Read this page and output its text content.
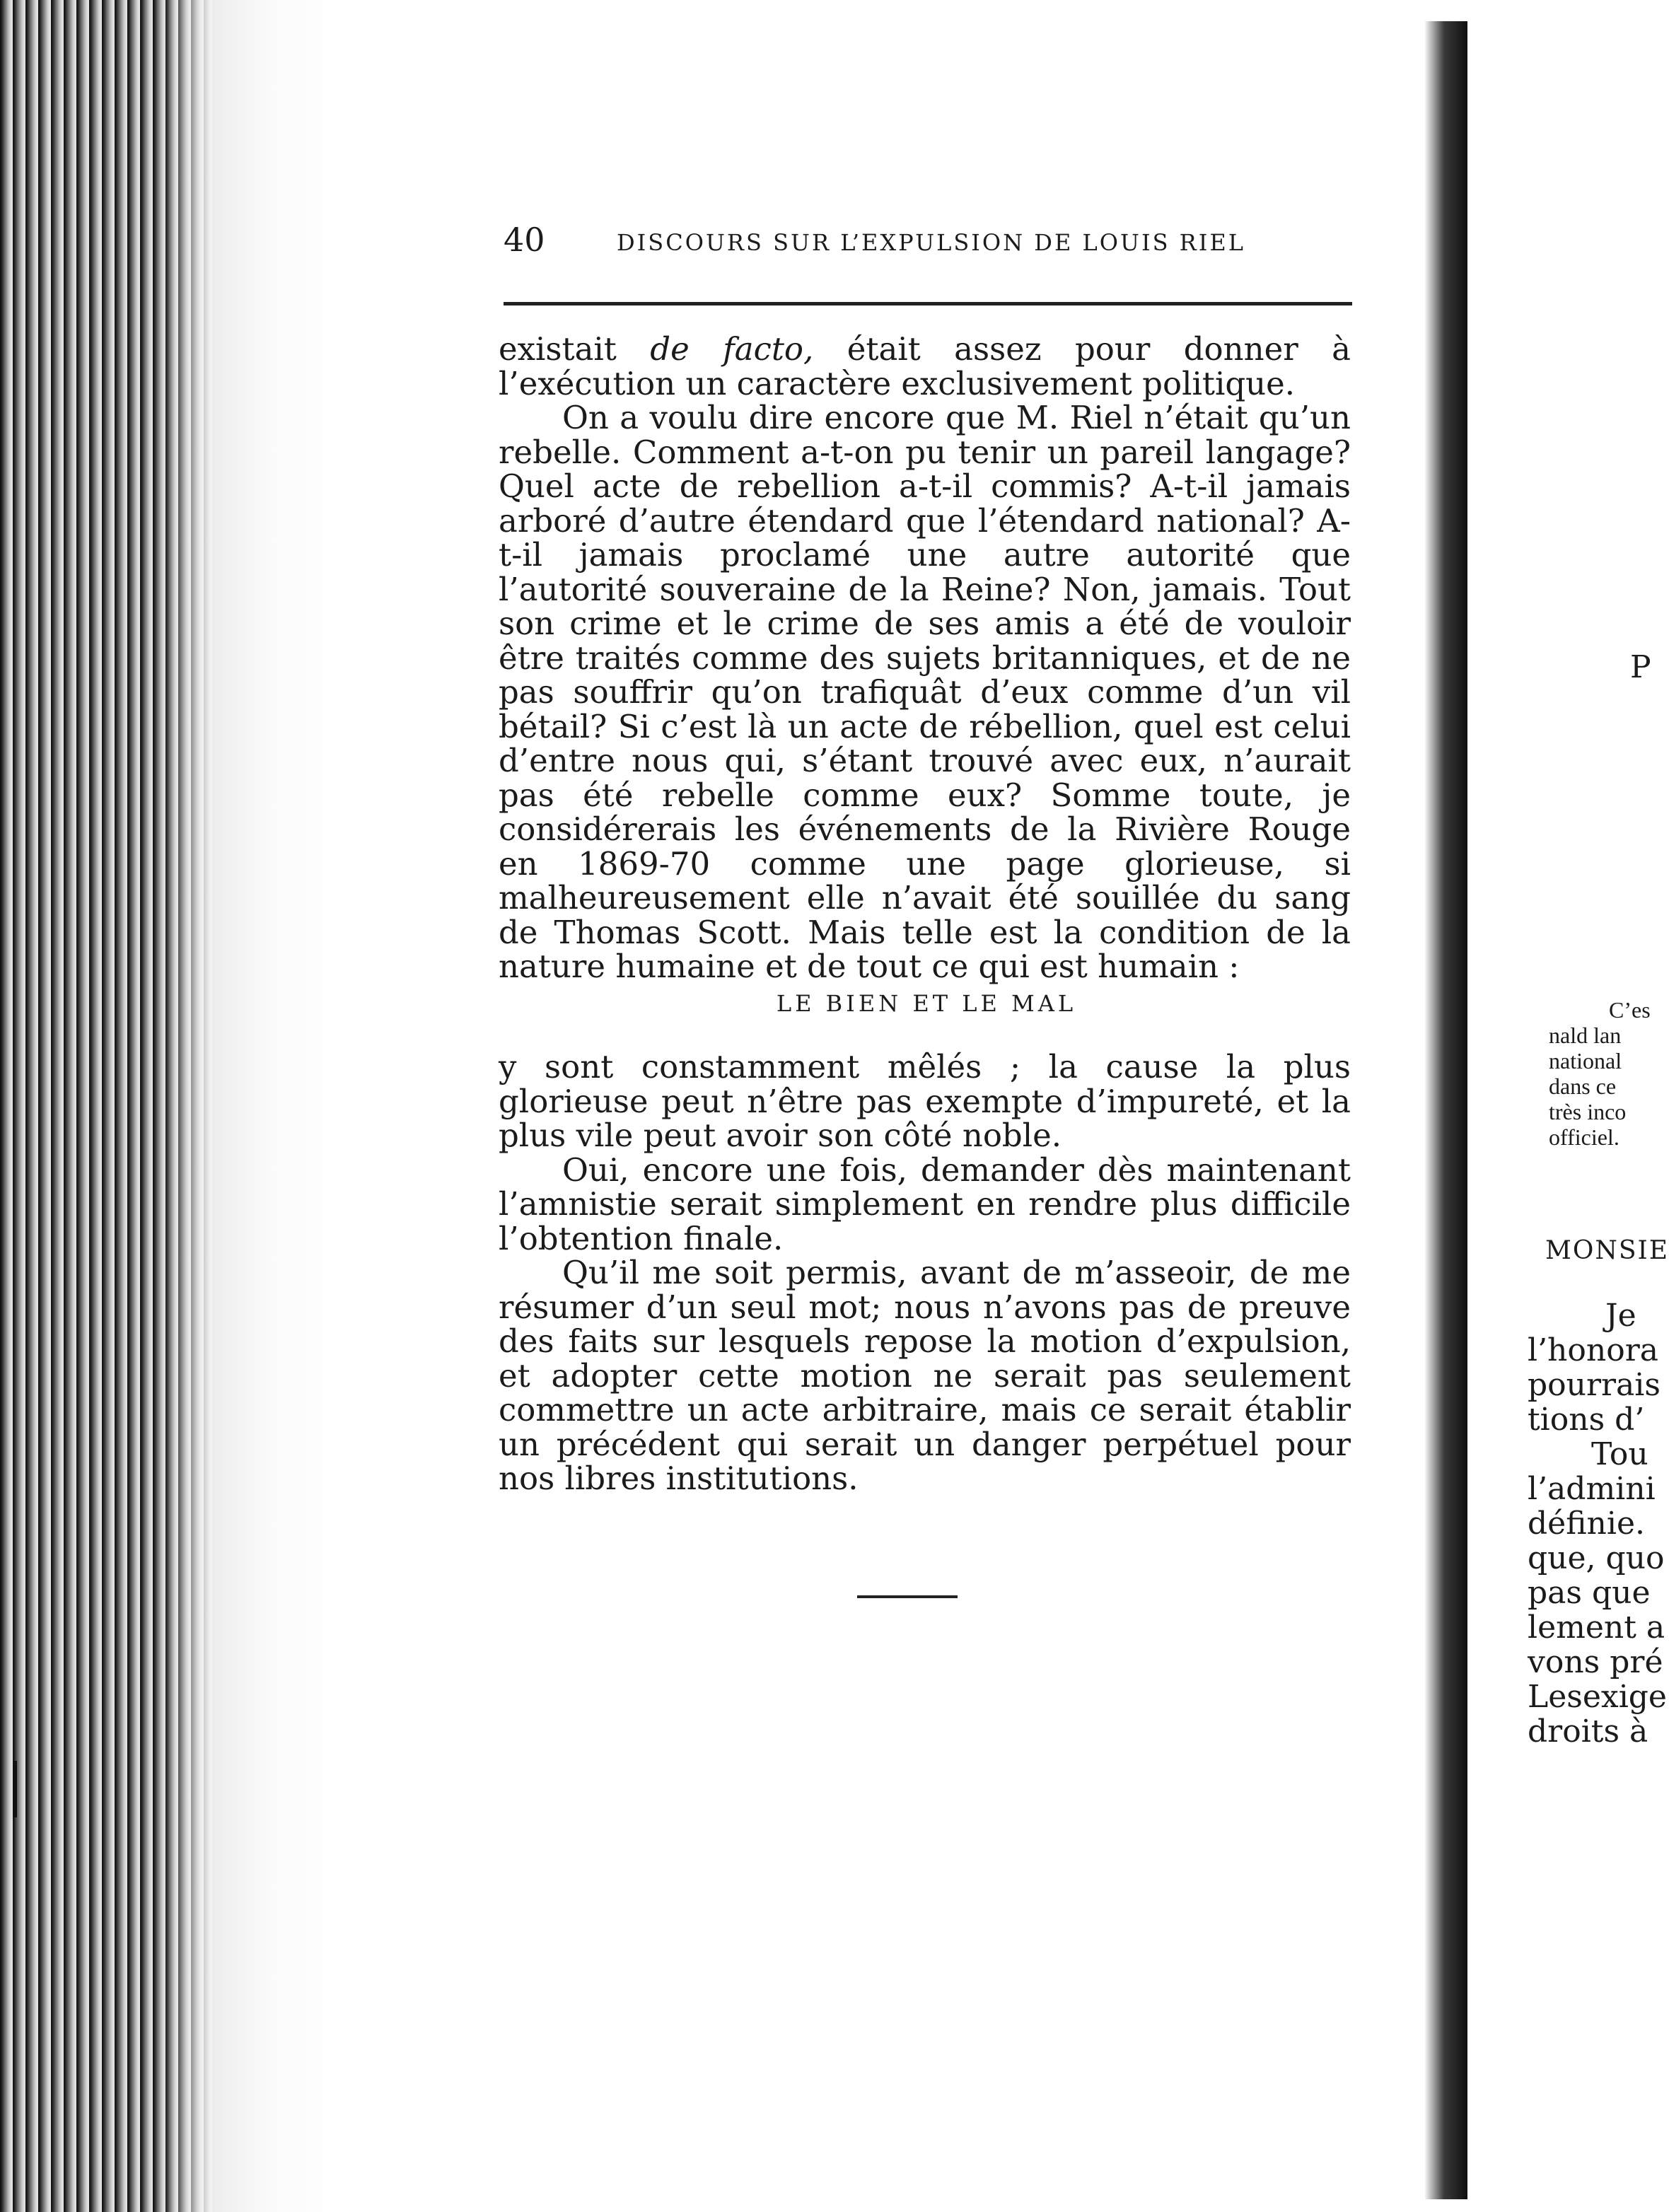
40	DISCOURS SUR L’EXPULSION DE LOUIS RIEL

existait de facto, était assez pour donner à l’exécution un caractère exclusivement politique.

On a voulu dire encore que M. Riel n’était qu’un rebelle. Comment a-t-on pu tenir un pareil langage? Quel acte de rebellion a-t-il commis? A-t-il jamais arboré d’autre étendard que l’étendard national? A-t-il jamais proclamé une autre autorité que l’autorité souveraine de la Reine? Non, jamais. Tout son crime et le crime de ses amis a été de vouloir être traités comme des sujets britanniques, et de ne pas souffrir qu’on trafiquât d’eux comme d’un vil bétail? Si c’est là un acte de rébellion, quel est celui d’entre nous qui, s’étant trouvé avec eux, n’aurait pas été rebelle comme eux? Somme toute, je considérerais les événements de la Rivière Rouge en 1869-70 comme une page glorieuse, si malheureusement elle n’avait été souillée du sang de Thomas Scott. Mais telle est la condition de la nature humaine et de tout ce qui est humain :

LE BIEN ET LE MAL

y sont constamment mêlés ; la cause la plus glorieuse peut n’être pas exempte d’impureté, et la plus vile peut avoir son côté noble.

Oui, encore une fois, demander dès maintenant l’amnistie serait simplement en rendre plus difficile l’obtention finale.

Qu’il me soit permis, avant de m’asseoir, de me résumer d’un seul mot; nous n’avons pas de preuve des faits sur lesquels repose la motion d’expulsion, et adopter cette motion ne serait pas seulement commettre un acte arbitraire, mais ce serait établir un précédent qui serait un danger perpétuel pour nos libres institutions.

P
C’es
nald lan
national
dans ce
très inco
officiel.
MONSIE
Je
l’honora
pourrais
tions d’
Tou
l’admini
définie.
que, quo
pas que
lement a
vons pré
Lesexige
droits à
